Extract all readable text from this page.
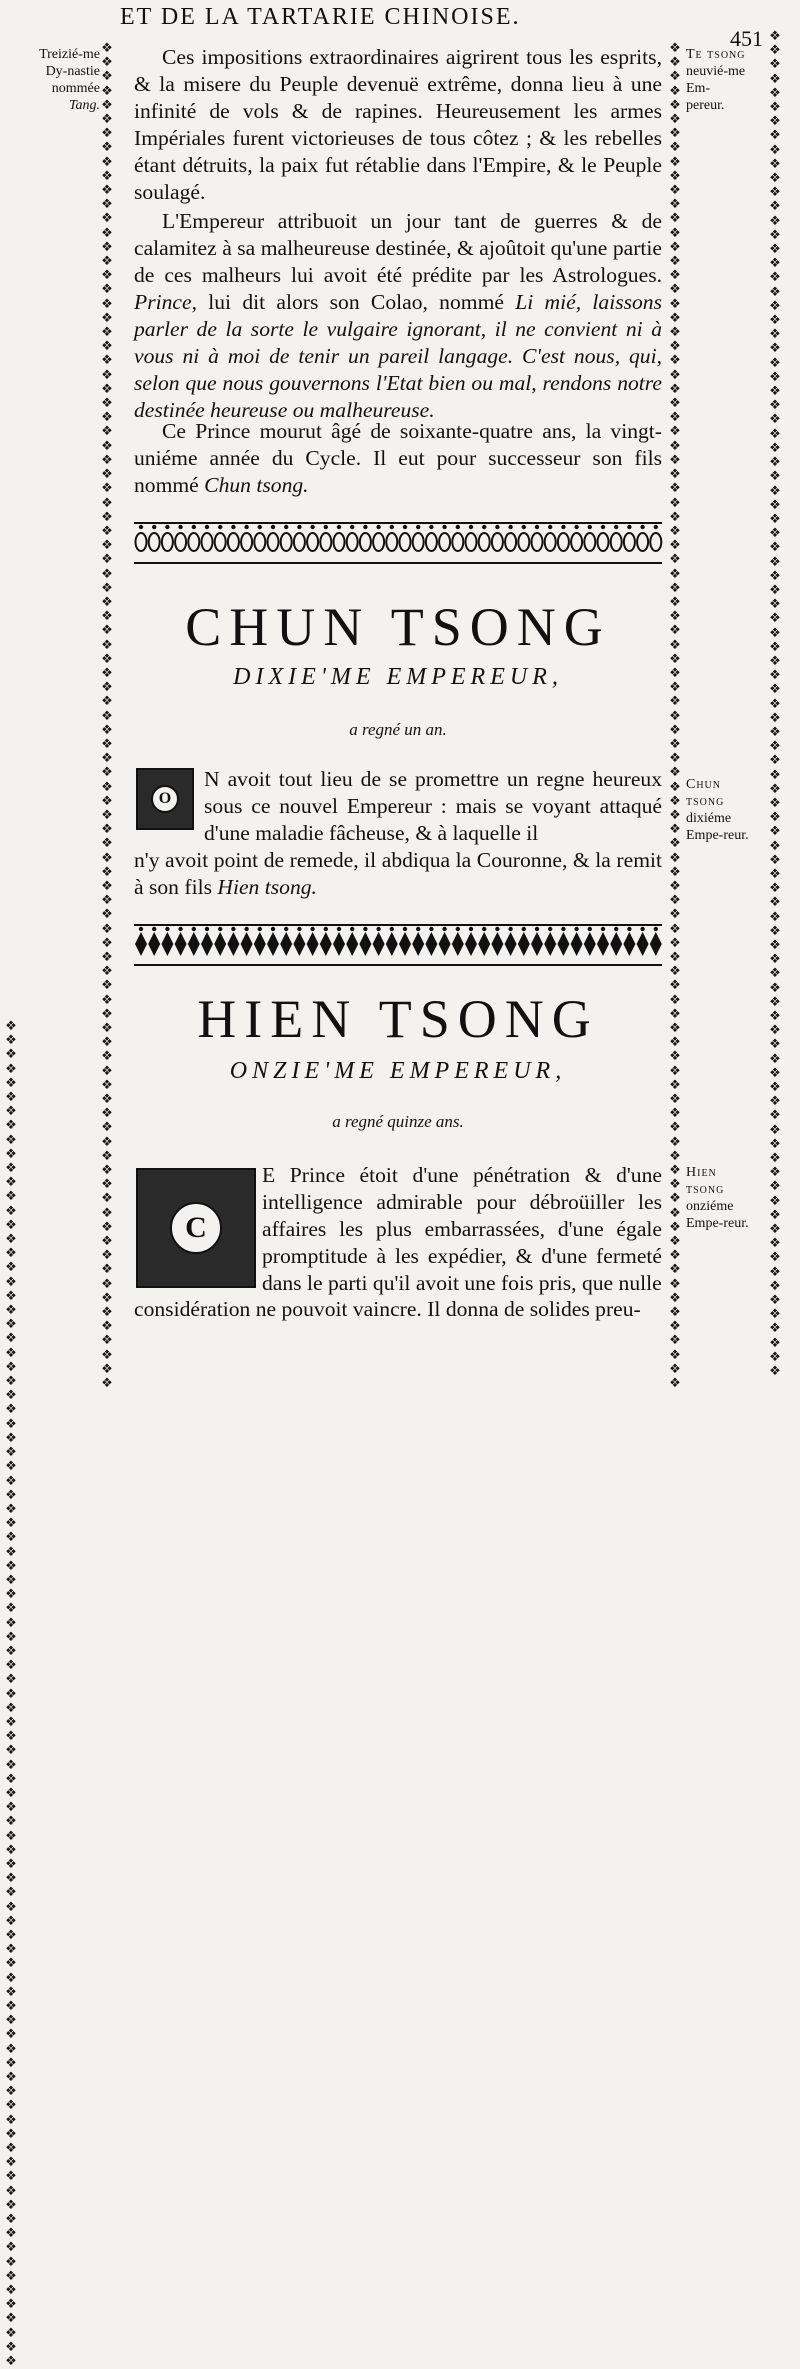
ET DE LA TARTARIE CHINOISE.
451
❖
❖
❖
❖
❖
❖
❖
❖
❖
❖
❖
❖
❖
❖
❖
❖
❖
❖
❖
❖
❖
❖
❖
❖
❖
❖
❖
❖
❖
❖
❖
❖
❖
❖
❖
❖
❖
❖
❖
❖
❖
❖
❖
❖
❖
❖
❖
❖
❖
❖
❖
❖
❖
❖
❖
❖
❖
❖
❖
❖
❖
❖
❖
❖
❖
❖
❖
❖
❖
❖
❖
❖
❖
❖
❖
❖
❖
❖
❖
❖
❖
❖
❖
❖
❖
❖
❖
❖
❖
❖
❖
❖
❖
❖
❖
❖
❖
❖
❖
❖
❖
❖
❖
❖
❖
❖
❖
❖
❖
❖
❖
❖
❖
❖
❖
❖
❖
❖
❖
❖
❖
❖
❖
❖
❖
❖
❖
❖
❖
❖
❖
❖
❖
❖
❖
❖
❖
❖
❖
❖
❖
❖
❖
❖
❖
❖
❖
❖
❖
❖
❖
❖
❖
❖
❖
❖
❖
❖
❖
❖
❖
❖
❖
❖
❖
❖
❖
❖
❖
❖
❖
❖
❖
❖
❖
❖
❖
❖
❖
❖
❖
❖
❖
❖
❖
❖
❖
❖
❖
❖
❖
❖
❖
❖
❖
❖
❖
❖
❖
❖
❖
❖
❖
❖
❖
❖
❖
❖
❖
❖
❖
❖
❖
❖
❖
❖
❖
❖
❖
❖
❖
❖
❖
❖
❖
❖
❖
❖
❖
❖
❖
❖
❖
❖
❖
❖
❖
❖
❖
❖
❖
❖
❖
❖
❖
❖
❖
❖
❖
❖
❖
❖
❖
❖
❖
❖
❖
❖
❖
❖
❖
❖
❖
❖
❖
❖
❖
❖
❖
❖
❖
❖
❖
❖
❖
❖
❖
❖
❖
❖
❖
❖
❖
❖
❖
❖
❖
❖
❖
❖
❖
❖
❖
❖
❖
❖
❖
❖
❖
❖
❖
❖
❖
❖
❖
❖
❖
❖
❖
❖
❖
❖
❖
❖
❖
❖
❖
❖
❖
❖
❖
❖
❖
❖
❖
❖
❖
❖
❖
❖
❖
❖
❖
❖
❖
❖
❖
❖
❖
❖
❖
❖
❖
❖
❖
❖
❖
❖
❖
❖
❖
❖
❖
❖
❖
❖
❖
❖
❖
❖
❖
❖
❖
❖
❖
❖
❖
❖
❖
❖
❖
❖
❖
❖
❖
❖
❖
❖
❖
❖
Treizié-me Dy-nastie nommée
Tang.
Te tsong
neuvié-me Em-pereur.
Chun tsong
dixiéme Empe-reur.
Hien tsong
onziéme Empe-reur.

Ces impositions extraordinaires aigrirent tous les esprits, & la misere du Peuple devenuë extrême, donna lieu à une infinité de vols & de rapines. Heureusement les armes Impériales furent victorieuses de tous côtez ; & les rebelles étant détruits, la paix fut rétablie dans l'Empire, & le Peuple soulagé.

L'Empereur attribuoit un jour tant de guerres & de calamitez à sa malheureuse destinée, & ajoûtoit qu'une partie de ces malheurs lui avoit été prédite par les Astrologues. Prince, lui dit alors son Colao, nommé Li mié, laissons parler de la sorte le vulgaire ignorant, il ne convient ni à vous ni à moi de tenir un pareil langage. C'est nous, qui, selon que nous gouvernons l'Etat bien ou mal, rendons notre destinée heureuse ou malheureuse.

Ce Prince mourut âgé de soixante-quatre ans, la vingt-uniéme année du Cycle. Il eut pour successeur son fils nommé Chun tsong.

CHUN TSONG
DIXIE'ME EMPEREUR,
a regné un an.
O

N avoit tout lieu de se promettre un regne heureux sous ce nouvel Empereur : mais se voyant attaqué d'une maladie fâcheuse, & à laquelle il

n'y avoit point de remede, il abdiqua la Couronne, & la remit à son fils Hien tsong.

HIEN TSONG
ONZIE'ME EMPEREUR,
a regné quinze ans.
C

E Prince étoit d'une pénétration & d'une intelligence admirable pour débroüiller les affaires les plus embarrassées, d'une égale promptitude à les expédier, & d'une fermeté dans le parti qu'il avoit une fois pris, que nulle

considération ne pouvoit vaincre. Il donna de solides preu-
